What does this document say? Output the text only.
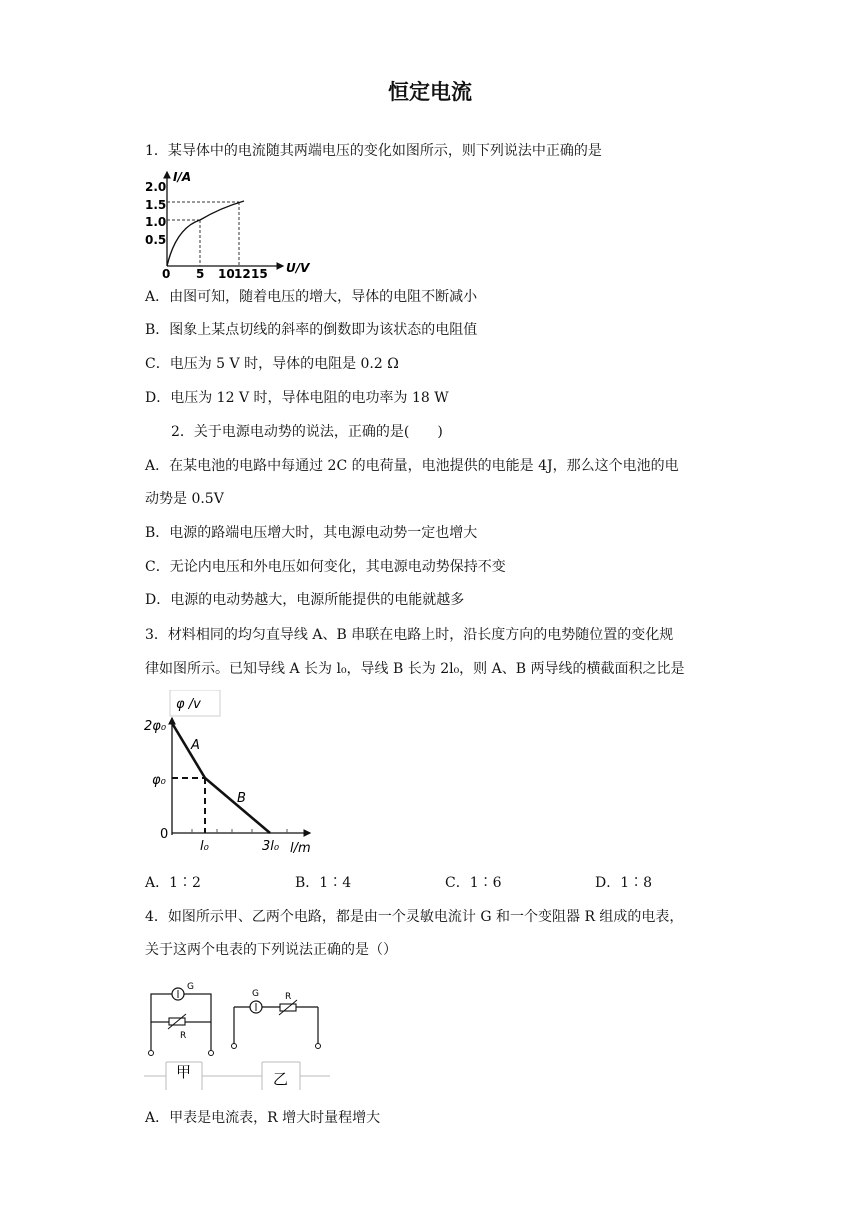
恒定电流
1．某导体中的电流随其两端电压的变化如图所示，则下列说法中正确的是
I/A
U/V
2.0
1.5
1.0
0.5
0 5 10 12 15
A．由图可知，随着电压的增大，导体的电阻不断减小
B．图象上某点切线的斜率的倒数即为该状态的电阻值
C．电压为 5 V 时，导体的电阻是 0.2 Ω
D．电压为 12 V 时，导体电阻的电功率为 18 W
2．关于电源电动势的说法，正确的是(　　)
A．在某电池的电路中每通过 2C 的电荷量，电池提供的电能是 4J，那么这个电池的电
动势是 0.5V
B．电源的路端电压增大时，其电源电动势一定也增大
C．无论内电压和外电压如何变化，其电源电动势保持不变
D．电源的电动势越大，电源所能提供的电能就越多
3．材料相同的均匀直导线 A、B 串联在电路上时，沿长度方向的电势随位置的变化规
律如图所示。已知导线 A 长为 l₀，导线 B 长为 2l₀，则 A、B 两导线的横截面积之比是
φ /v
2φ₀
φ₀
0
l₀	3l₀ l/m
A
B
A．1∶2	B．1∶4	C．1∶6	D．1∶8
4．如图所示甲、乙两个电路，都是由一个灵敏电流计 G 和一个变阻器 R 组成的电表，
关于这两个电表的下列说法正确的是（）
G
R
G	R
甲	乙
A．甲表是电流表，R 增大时量程增大
